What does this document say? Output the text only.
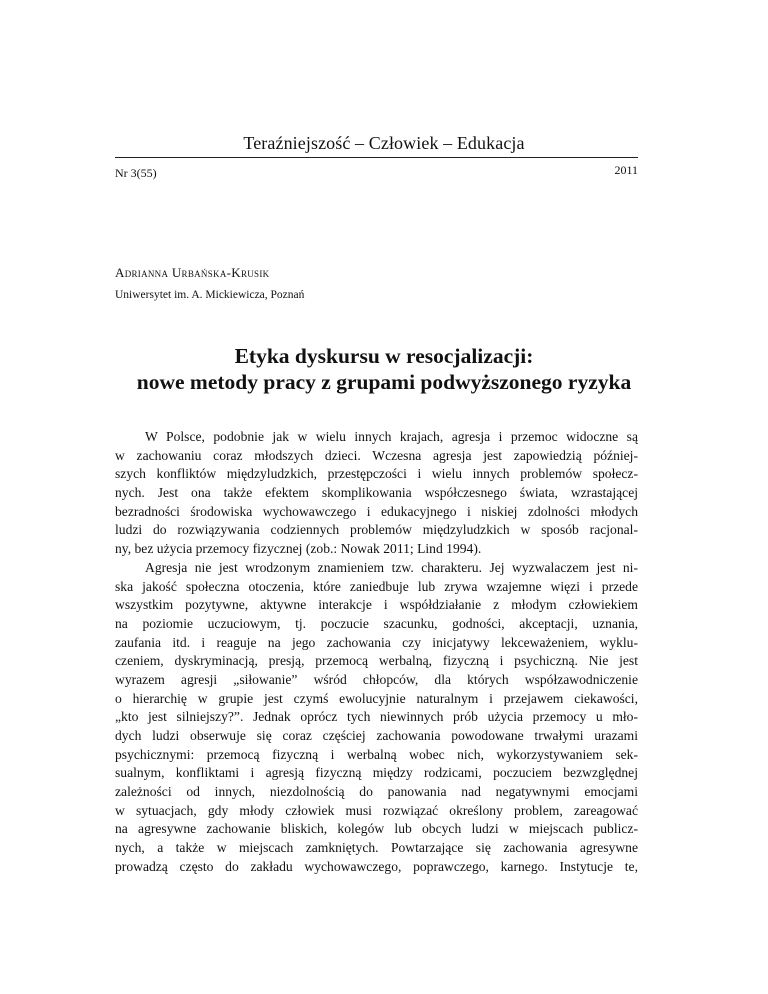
Teraźniejszość – Człowiek – Edukacja
Nr 3(55)	2011
Adrianna Urbańska-Krusik
Uniwersytet im. A. Mickiewicza, Poznań
Etyka dyskursu w resocjalizacji:
nowe metody pracy z grupami podwyższonego ryzyka
W Polsce, podobnie jak w wielu innych krajach, agresja i przemoc widoczne są
w zachowaniu coraz młodszych dzieci. Wczesna agresja jest zapowiedzią później-
szych konfliktów międzyludzkich, przestępczości i wielu innych problemów społecz-
nych. Jest ona także efektem skomplikowania współczesnego świata, wzrastającej
bezradności środowiska wychowawczego i edukacyjnego i niskiej zdolności młodych
ludzi do rozwiązywania codziennych problemów międzyludzkich w sposób racjonal-
ny, bez użycia przemocy fizycznej (zob.: Nowak 2011; Lind 1994).
Agresja nie jest wrodzonym znamieniem tzw. charakteru. Jej wyzwalaczem jest ni-
ska jakość społeczna otoczenia, które zaniedbuje lub zrywa wzajemne więzi i przede
wszystkim pozytywne, aktywne interakcje i współdziałanie z młodym człowiekiem
na poziomie uczuciowym, tj. poczucie szacunku, godności, akceptacji, uznania,
zaufania itd. i reaguje na jego zachowania czy inicjatywy lekceważeniem, wyklu-
czeniem, dyskryminacją, presją, przemocą werbalną, fizyczną i psychiczną. Nie jest
wyrazem agresji „siłowanie” wśród chłopców, dla których współzawodniczenie
o hierarchię w grupie jest czymś ewolucyjnie naturalnym i przejawem ciekawości,
„kto jest silniejszy?”. Jednak oprócz tych niewinnych prób użycia przemocy u mło-
dych ludzi obserwuje się coraz częściej zachowania powodowane trwałymi urazami
psychicznymi: przemocą fizyczną i werbalną wobec nich, wykorzystywaniem sek-
sualnym, konfliktami i agresją fizyczną między rodzicami, poczuciem bezwzględnej
zależności od innych, niezdolnością do panowania nad negatywnymi emocjami
w sytuacjach, gdy młody człowiek musi rozwiązać określony problem, zareagować
na agresywne zachowanie bliskich, kolegów lub obcych ludzi w miejscach publicz-
nych, a także w miejscach zamkniętych. Powtarzające się zachowania agresywne
prowadzą często do zakładu wychowawczego, poprawczego, karnego. Instytucje te,
